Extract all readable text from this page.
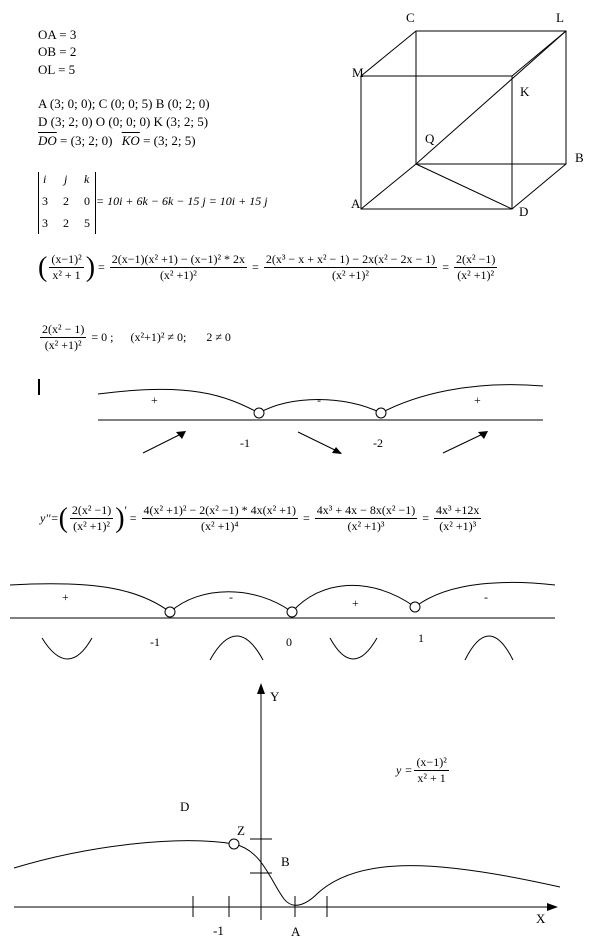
OA = 3
OB = 2
OL = 5
A (3; 0; 0); C (0; 0; 5) B (0; 2; 0)
D (3; 2; 0) O (0; 0; 0) K (3; 2; 5)
$\overline{DO} = (3$; 2; 0) $\overline{KO} = (3$; 2; 5)
i j k
3 2 0
3 2 5
= 10i + 6k − 6k − 15 j = 10i + 15 j
C	L
M
K
Q
B
A
D
( $\frac{\text{(x−1)²}}{\text{x² + 1}}$ ) = $\frac{\text{2(x−1)(x² +1) − (x−1)² * 2x}}{\text{(x² +1)²}} = \frac{\text{2(x³ − x + x² − 1) − 2x(x² − 2x − 1)}}{\text{(x² +1)²}} = \frac{\text{2(x² −1)}}{\text{(x² +1)²}}$
$\frac{\text{2(x² − 1)}}{\text{(x² +1)²}} = 0$ ; (x²+1)² ≠ 0; 2 ≠ 0
+	-	+
-1	-2
y''= ( $\frac{\text{2(x² −1)}}{\text{(x² +1)²}}$ ) '
= $\frac{\text{4(x² +1)² − 2(x² −1) * 4x(x² +1)}}{\text{(x² +1)⁴}} = \frac{\text{4x³ + 4x − 8x(x² −1)}}{\text{(x² +1)³}} = \frac{\text{4x³ +12x}}{\text{(x² +1)³}}$
+	-	+	-
-1	0	1
Y
X
D
Z
B
A
-1
$y = \frac{\text{(x−1)²}}{\text{x² + 1}}$
